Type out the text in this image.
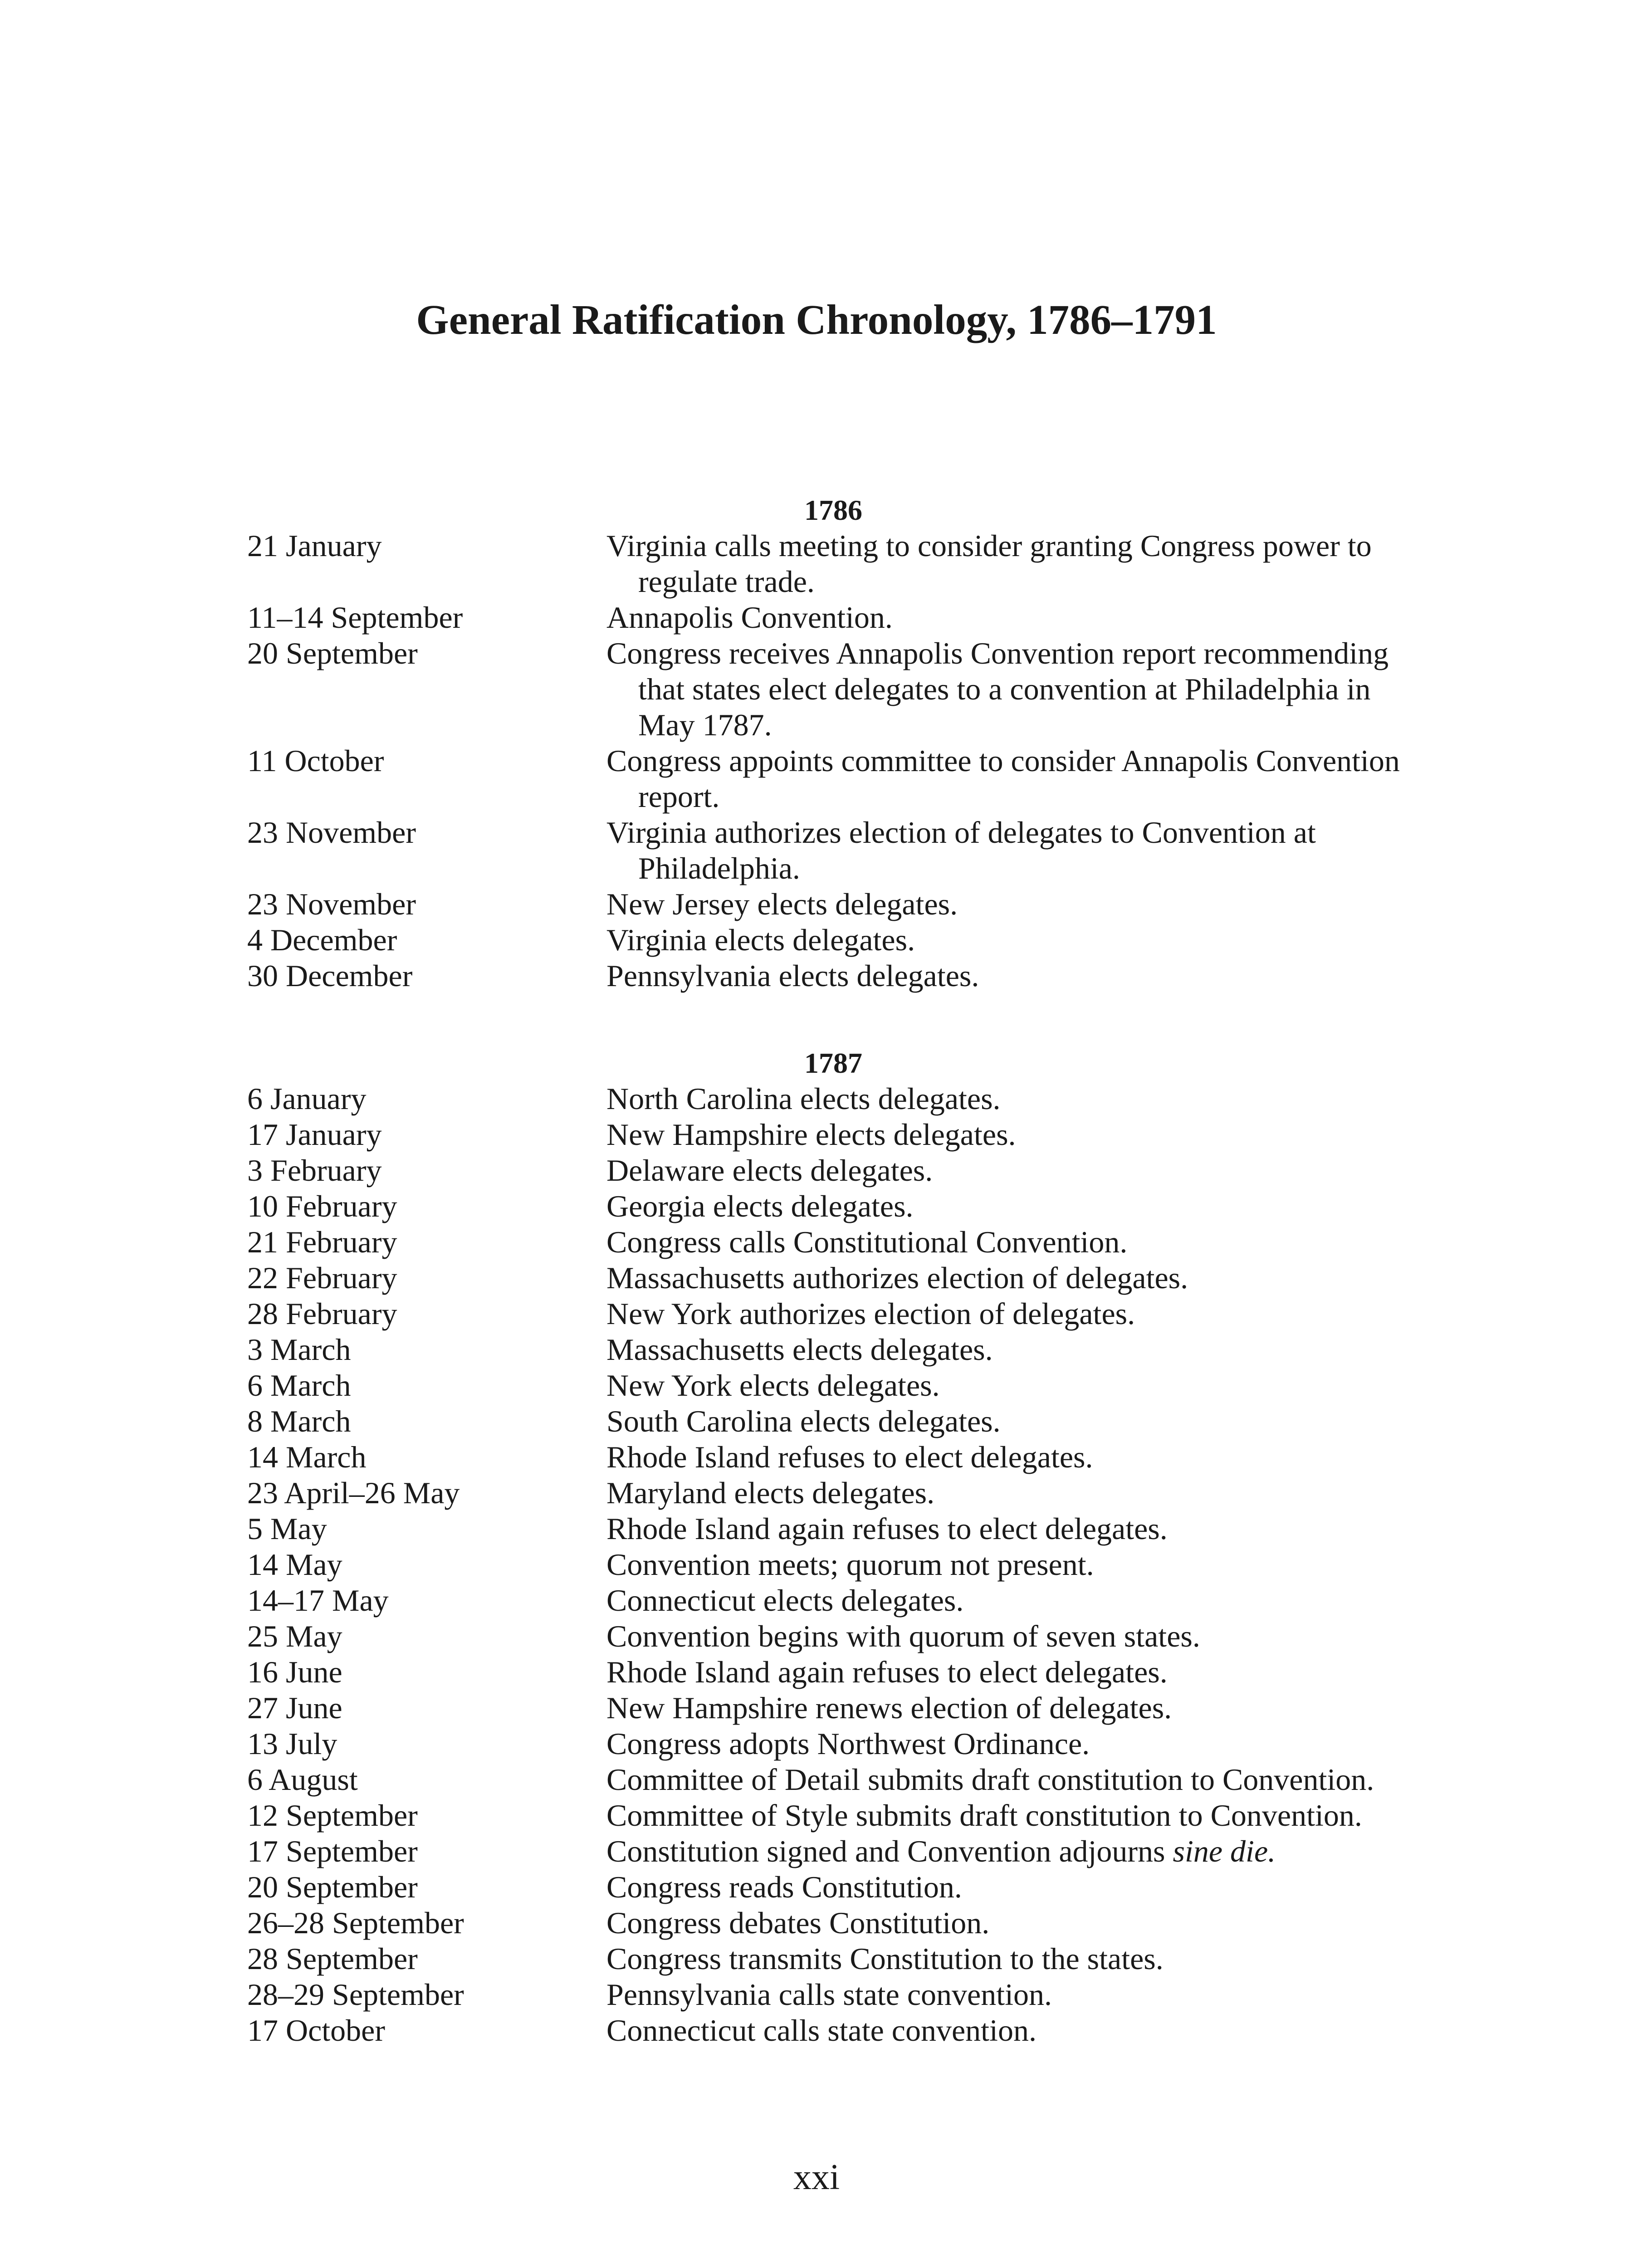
General Ratification Chronology, 1786–1791
1786
21 January	Virginia calls meeting to consider granting Congress power to regulate trade.
11–14 September	Annapolis Convention.
20 September	Congress receives Annapolis Convention report recommending that states elect delegates to a convention at Philadelphia in May 1787.
11 October	Congress appoints committee to consider Annapolis Convention report.
23 November	Virginia authorizes election of delegates to Convention at Philadelphia.
23 November	New Jersey elects delegates.
4 December	Virginia elects delegates.
30 December	Pennsylvania elects delegates.
1787
6 January	North Carolina elects delegates.
17 January	New Hampshire elects delegates.
3 February	Delaware elects delegates.
10 February	Georgia elects delegates.
21 February	Congress calls Constitutional Convention.
22 February	Massachusetts authorizes election of delegates.
28 February	New York authorizes election of delegates.
3 March	Massachusetts elects delegates.
6 March	New York elects delegates.
8 March	South Carolina elects delegates.
14 March	Rhode Island refuses to elect delegates.
23 April–26 May	Maryland elects delegates.
5 May	Rhode Island again refuses to elect delegates.
14 May	Convention meets; quorum not present.
14–17 May	Connecticut elects delegates.
25 May	Convention begins with quorum of seven states.
16 June	Rhode Island again refuses to elect delegates.
27 June	New Hampshire renews election of delegates.
13 July	Congress adopts Northwest Ordinance.
6 August	Committee of Detail submits draft constitution to Convention.
12 September	Committee of Style submits draft constitution to Convention.
17 September	Constitution signed and Convention adjourns sine die.
20 September	Congress reads Constitution.
26–28 September	Congress debates Constitution.
28 September	Congress transmits Constitution to the states.
28–29 September	Pennsylvania calls state convention.
17 October	Connecticut calls state convention.
xxi
